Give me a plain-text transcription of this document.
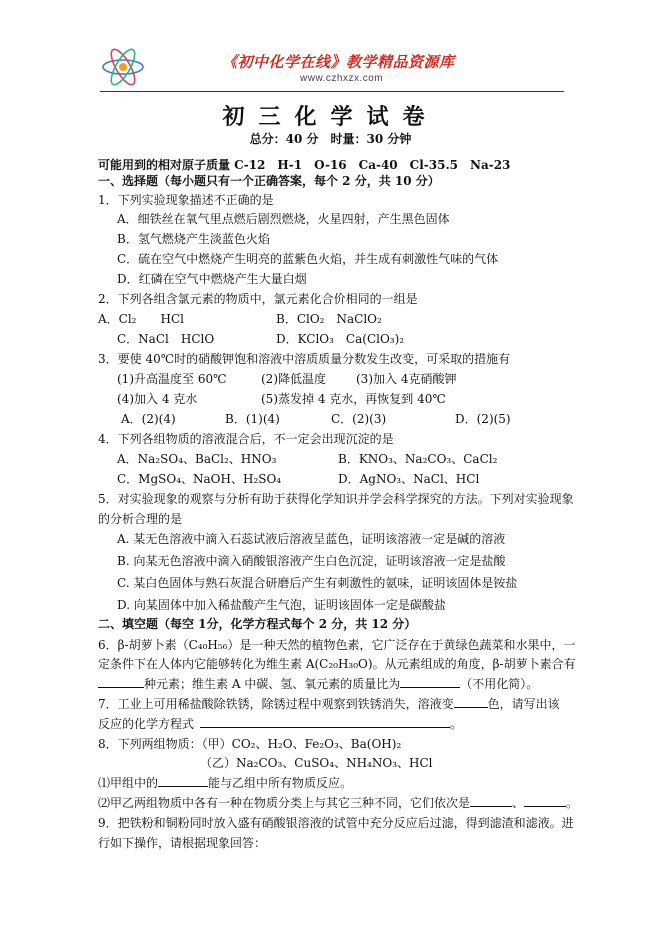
《初中化学在线》教学精品资源库
www.czhxzx.com
初三化学试卷
总分：40 分　时量：30 分钟
可能用到的相对原子质量 C-12　H-1　O-16　Ca-40　Cl-35.5　Na-23
一、选择题（每小题只有一个正确答案，每个 2 分，共 10 分）
1．下列实验现象描述不正确的是
A．细铁丝在氧气里点燃后剧烈燃烧，火星四射，产生黑色固体
B．氢气燃烧产生淡蓝色火焰
C．硫在空气中燃烧产生明亮的蓝紫色火焰，并生成有刺激性气味的气体
D．红磷在空气中燃烧产生大量白烟
2．下列各组含氯元素的物质中，氯元素化合价相同的一组是
A．Cl₂　　HCl	B．ClO₂　NaClO₂
C．NaCl　HClO	D．KClO₃　Ca(ClO₃)₂
3．要使 40℃时的硝酸钾饱和溶液中溶质质量分数发生改变，可采取的措施有
(1)升高温度至 60℃	(2)降低温度	(3)加入 4克硝酸钾
(4)加入 4 克水	(5)蒸发掉 4 克水，再恢复到 40℃
A．(2)(4)	B．(1)(4)	C．(2)(3)	D．(2)(5)
4．下列各组物质的溶液混合后，不一定会出现沉淀的是
A．Na₂SO₄、BaCl₂、HNO₃	B．KNO₃、Na₂CO₃、CaCl₂
C．MgSO₄、NaOH、H₂SO₄	D．AgNO₃、NaCl、HCl
5．对实验现象的观察与分析有助于获得化学知识并学会科学探究的方法。下列对实验现象
的分析合理的是
A. 某无色溶液中滴入石蕊试液后溶液呈蓝色，证明该溶液一定是碱的溶液
B. 向某无色溶液中滴入硝酸银溶液产生白色沉淀，证明该溶液一定是盐酸
C. 某白色固体与熟石灰混合研磨后产生有刺激性的氨味，证明该固体是铵盐
D. 向某固体中加入稀盐酸产生气泡，证明该固体一定是碳酸盐
二、填空题（每空 1分，化学方程式每个 2 分，共 12 分）
6．β-胡萝卜素（C₄₀H₅₆）是一种天然的植物色素，它广泛存在于黄绿色蔬菜和水果中，一
定条件下在人体内它能够转化为维生素 A(C₂₀H₃₀O)。从元素组成的角度，β-胡萝卜素合有
种元素；维生素 A 中碳、氢、氧元素的质量比为	（不用化简）。
7．工业上可用稀盐酸除铁锈，除锈过程中观察到铁锈消失，溶液变	色，请写出该
反应的化学方程式	。
8．下列两组物质：（甲）CO₂、H₂O、Fe₂O₃、Ba(OH)₂
（乙）Na₂CO₃、CuSO₄、NH₄NO₃、HCl
⑴甲组中的	能与乙组中所有物质反应。
⑵甲乙两组物质中各有一种在物质分类上与其它三种不同，它们依次是	、	。
9．把铁粉和铜粉同时放入盛有硝酸银溶液的试管中充分反应后过滤，得到滤渣和滤液。进
行如下操作，请根据现象回答：
